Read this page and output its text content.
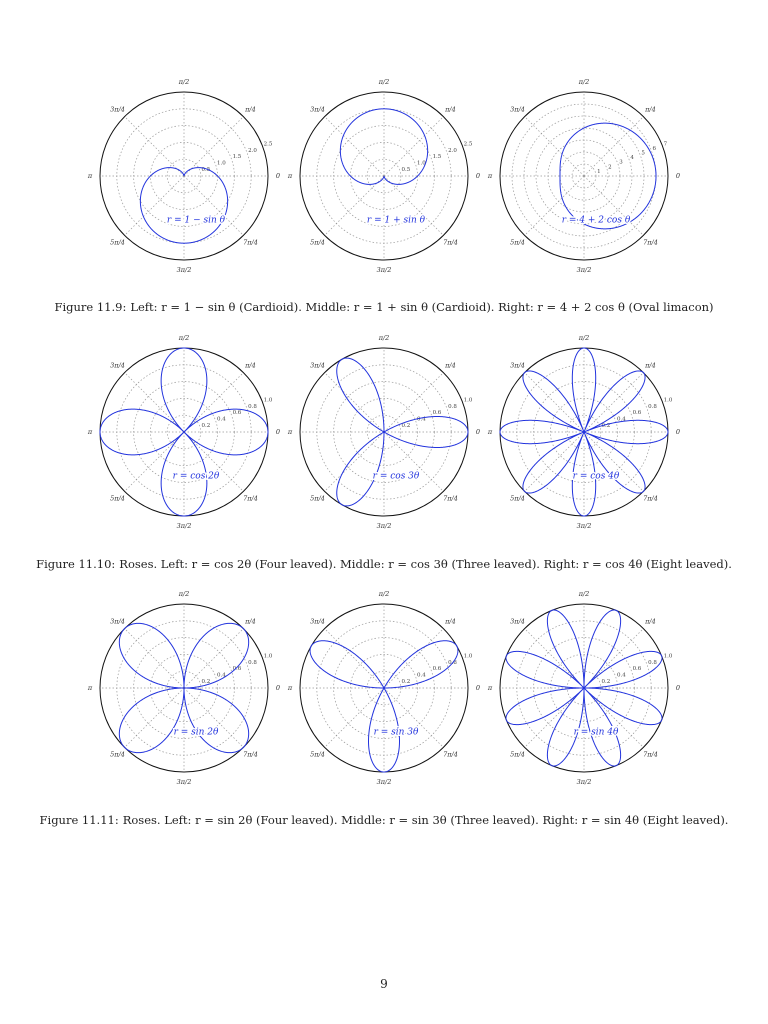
0.5
1.0
1.5
2.0
2.5
0
π/4
π/2
3π/4
π
5π/4
3π/2
7π/4
r = 1 − sin θ
0.5
1.0
1.5
2.0
2.5
0
π/4
π/2
3π/4
π
5π/4
3π/2
7π/4
r = 1 + sin θ
1
2
3
4
5
6
7
0
π/4
π/2
3π/4
π
5π/4
3π/2
7π/4
r = 4 + 2 cos θ
0.2
0.4
0.6
0.8
1.0
0
π/4
π/2
3π/4
π
5π/4
3π/2
7π/4
r = cos 2θ
0.2
0.4
0.6
0.8
1.0
0
π/4
π/2
3π/4
π
5π/4
3π/2
7π/4
r = cos 3θ
0.2
0.4
0.6
0.8
1.0
0
π/4
π/2
3π/4
π
5π/4
3π/2
7π/4
r = cos 4θ
0.2
0.4
0.6
0.8
1.0
0
π/4
π/2
3π/4
π
5π/4
3π/2
7π/4
r = sin 2θ
0.2
0.4
0.6
0.8
1.0
0
π/4
π/2
3π/4
π
5π/4
3π/2
7π/4
r = sin 3θ
0.2
0.4
0.6
0.8
1.0
0
π/4
π/2
3π/4
π
5π/4
3π/2
7π/4
r = sin 4θ
Figure 11.9: Left: r = 1 − sin θ (Cardioid). Middle: r = 1 + sin θ (Cardioid). Right: r = 4 + 2 cos θ (Oval limacon)
Figure 11.10: Roses. Left: r = cos 2θ (Four leaved). Middle: r = cos 3θ (Three leaved). Right: r = cos 4θ (Eight leaved).
Figure 11.11: Roses. Left: r = sin 2θ (Four leaved). Middle: r = sin 3θ (Three leaved). Right: r = sin 4θ (Eight leaved).
9
